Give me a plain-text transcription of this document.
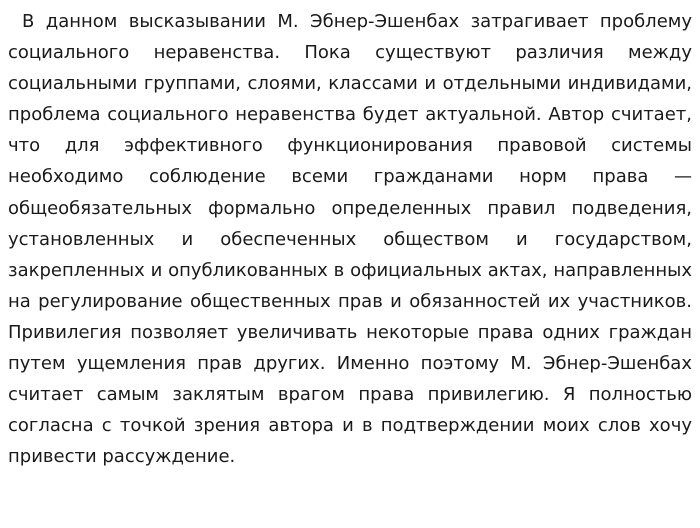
В данном высказывании М. Эбнер-Эшенбах затрагивает проблему социального неравенства. Пока существуют различия между социальными группами, слоями, классами и отдельными индивидами, проблема социального неравенства будет актуальной. Автор считает, что для эффективного функционирования правовой системы необходимо соблюдение всеми гражданами норм права — общеобязательных формально определенных правил подведения, установленных и обеспеченных обществом и государством, закрепленных и опубликованных в официальных актах, направленных на регулирование общественных прав и обязанностей их участников. Привилегия позволяет увеличивать некоторые права одних граждан путем ущемления прав других. Именно поэтому М. Эбнер-Эшенбах считает самым заклятым врагом права привилегию. Я полностью согласна с точкой зрения автора и в подтверждении моих слов хочу привести рассуждение.
